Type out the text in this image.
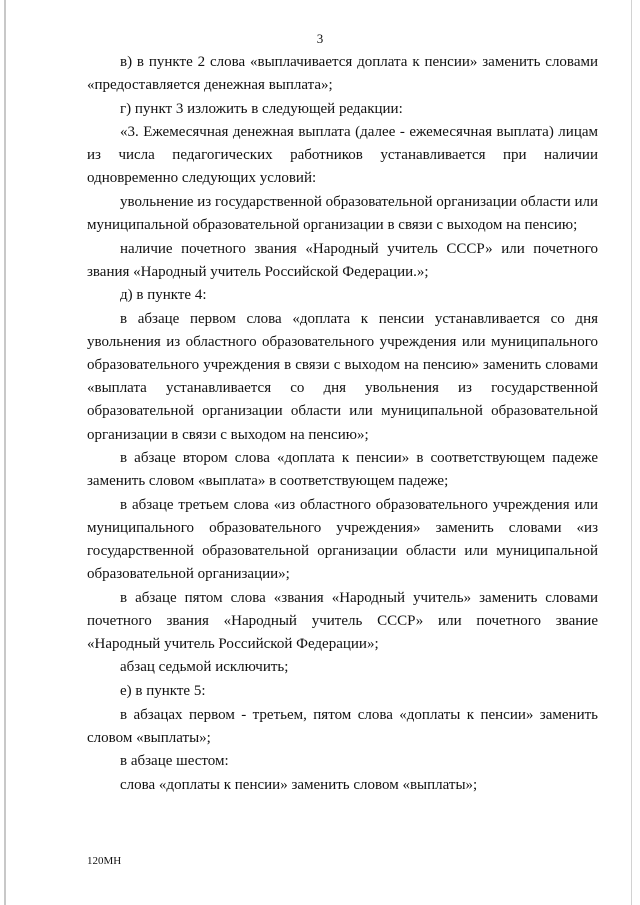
3

в) в пункте 2 слова «выплачивается доплата к пенсии» заменить словами «предоставляется денежная выплата»;

г) пункт 3 изложить в следующей редакции:

«3. Ежемесячная денежная выплата (далее - ежемесячная выплата) лицам из числа педагогических работников устанавливается при наличии одновременно следующих условий:

увольнение из государственной образовательной организации области или муниципальной образовательной организации в связи с выходом на пенсию;

наличие почетного звания «Народный учитель СССР» или почетного звания «Народный учитель Российской Федерации.»;

д) в пункте 4:

в абзаце первом слова «доплата к пенсии устанавливается со дня увольнения из областного образовательного учреждения или муниципального образовательного учреждения в связи с выходом на пенсию» заменить словами «выплата устанавливается со дня увольнения из государственной образовательной организации области или муниципальной образовательной организации в связи с выходом на пенсию»;

в абзаце втором слова «доплата к пенсии» в соответствующем падеже заменить словом «выплата» в соответствующем падеже;

в абзаце третьем слова «из областного образовательного учреждения или муниципального образовательного учреждения» заменить словами «из государственной образовательной организации области или муниципальной образовательной организации»;

в абзаце пятом слова «звания «Народный учитель» заменить словами почетного звания «Народный учитель СССР» или почетного звание «Народный учитель Российской Федерации»;

абзац седьмой исключить;

е) в пункте 5:

в абзацах первом - третьем, пятом слова «доплаты к пенсии» заменить словом «выплаты»;

в абзаце шестом:

слова «доплаты к пенсии» заменить словом «выплаты»;

120МН
